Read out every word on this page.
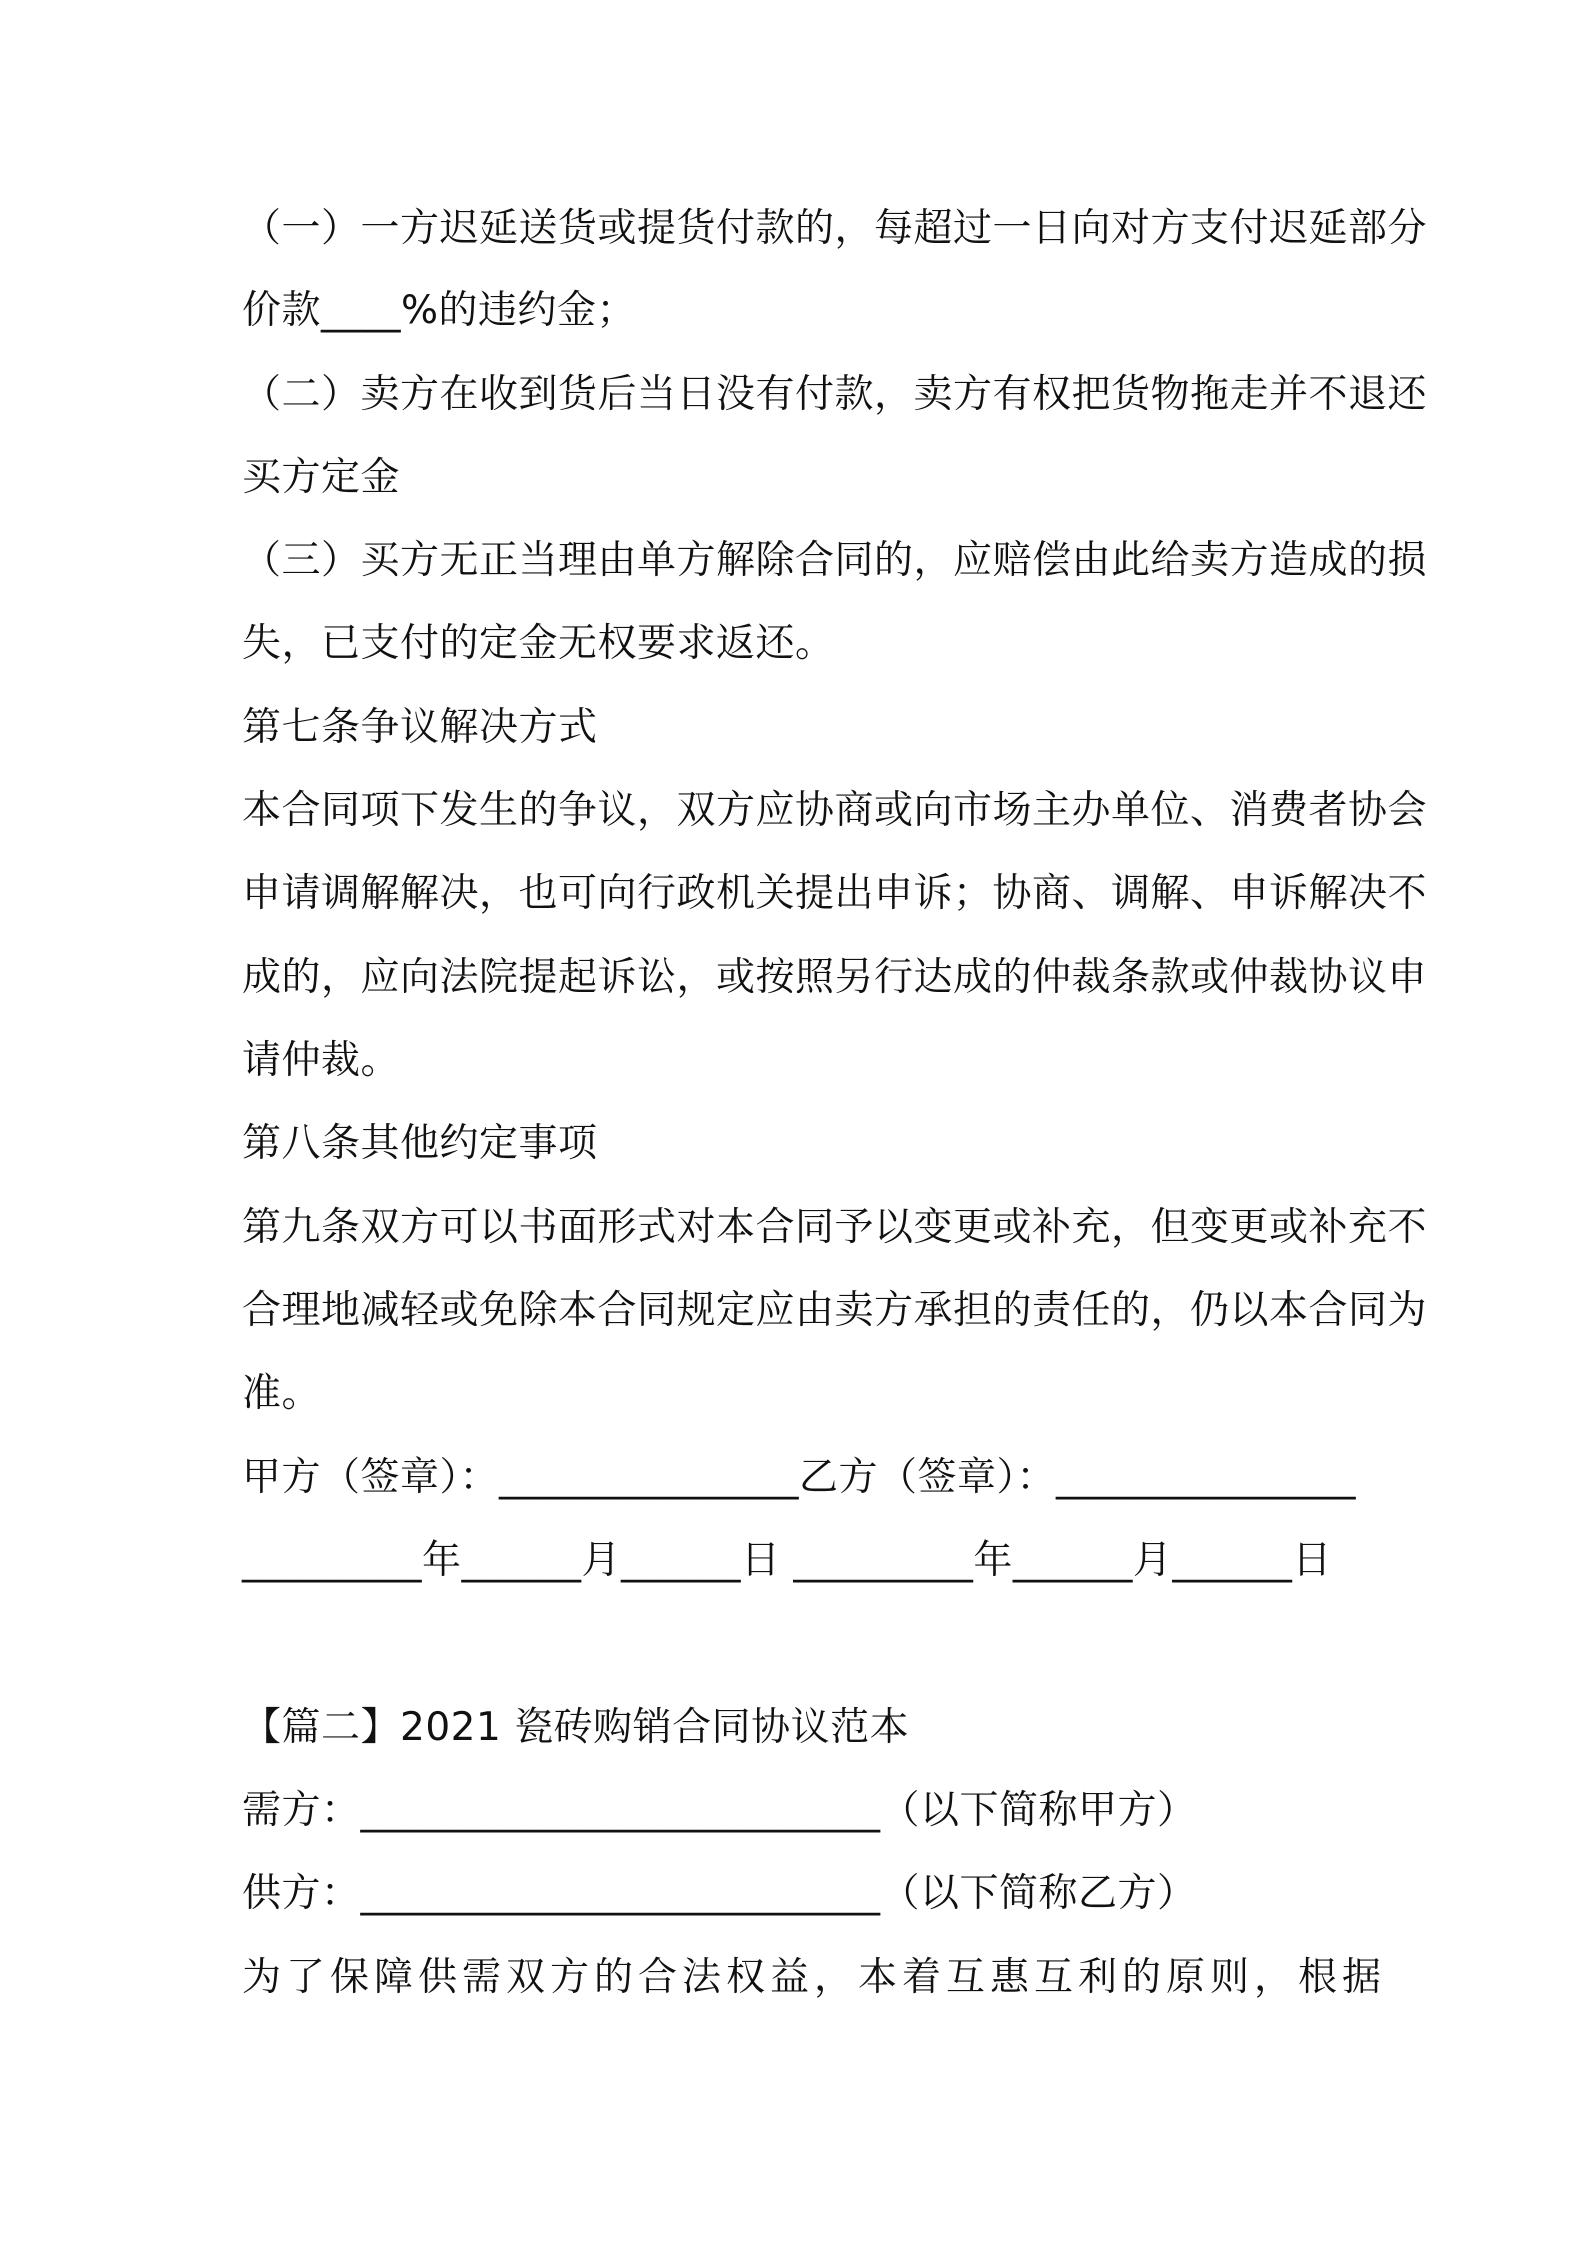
（一）一方迟延送货或提货付款的，每超过一日向对方支付迟延部分
价款____%的违约金；
（二）卖方在收到货后当日没有付款，卖方有权把货物拖走并不退还
买方定金
（三）买方无正当理由单方解除合同的，应赔偿由此给卖方造成的损
失，已支付的定金无权要求返还。
第七条争议解决方式
本合同项下发生的争议，双方应协商或向市场主办单位、消费者协会
申请调解解决，也可向行政机关提出申诉；协商、调解、申诉解决不
成的，应向法院提起诉讼，或按照另行达成的仲裁条款或仲裁协议申
请仲裁。
第八条其他约定事项
第九条双方可以书面形式对本合同予以变更或补充，但变更或补充不
合理地减轻或免除本合同规定应由卖方承担的责任的，仍以本合同为
准。
甲方（签章）：_______________乙方（签章）：_______________
_________年______月______日 _________年______月______日
【篇二】2021 瓷砖购销合同协议范本
需方：__________________________（以下简称甲方）
供方：__________________________（以下简称乙方）
为了保障供需双方的合法权益，本着互惠互利的原则，根据
